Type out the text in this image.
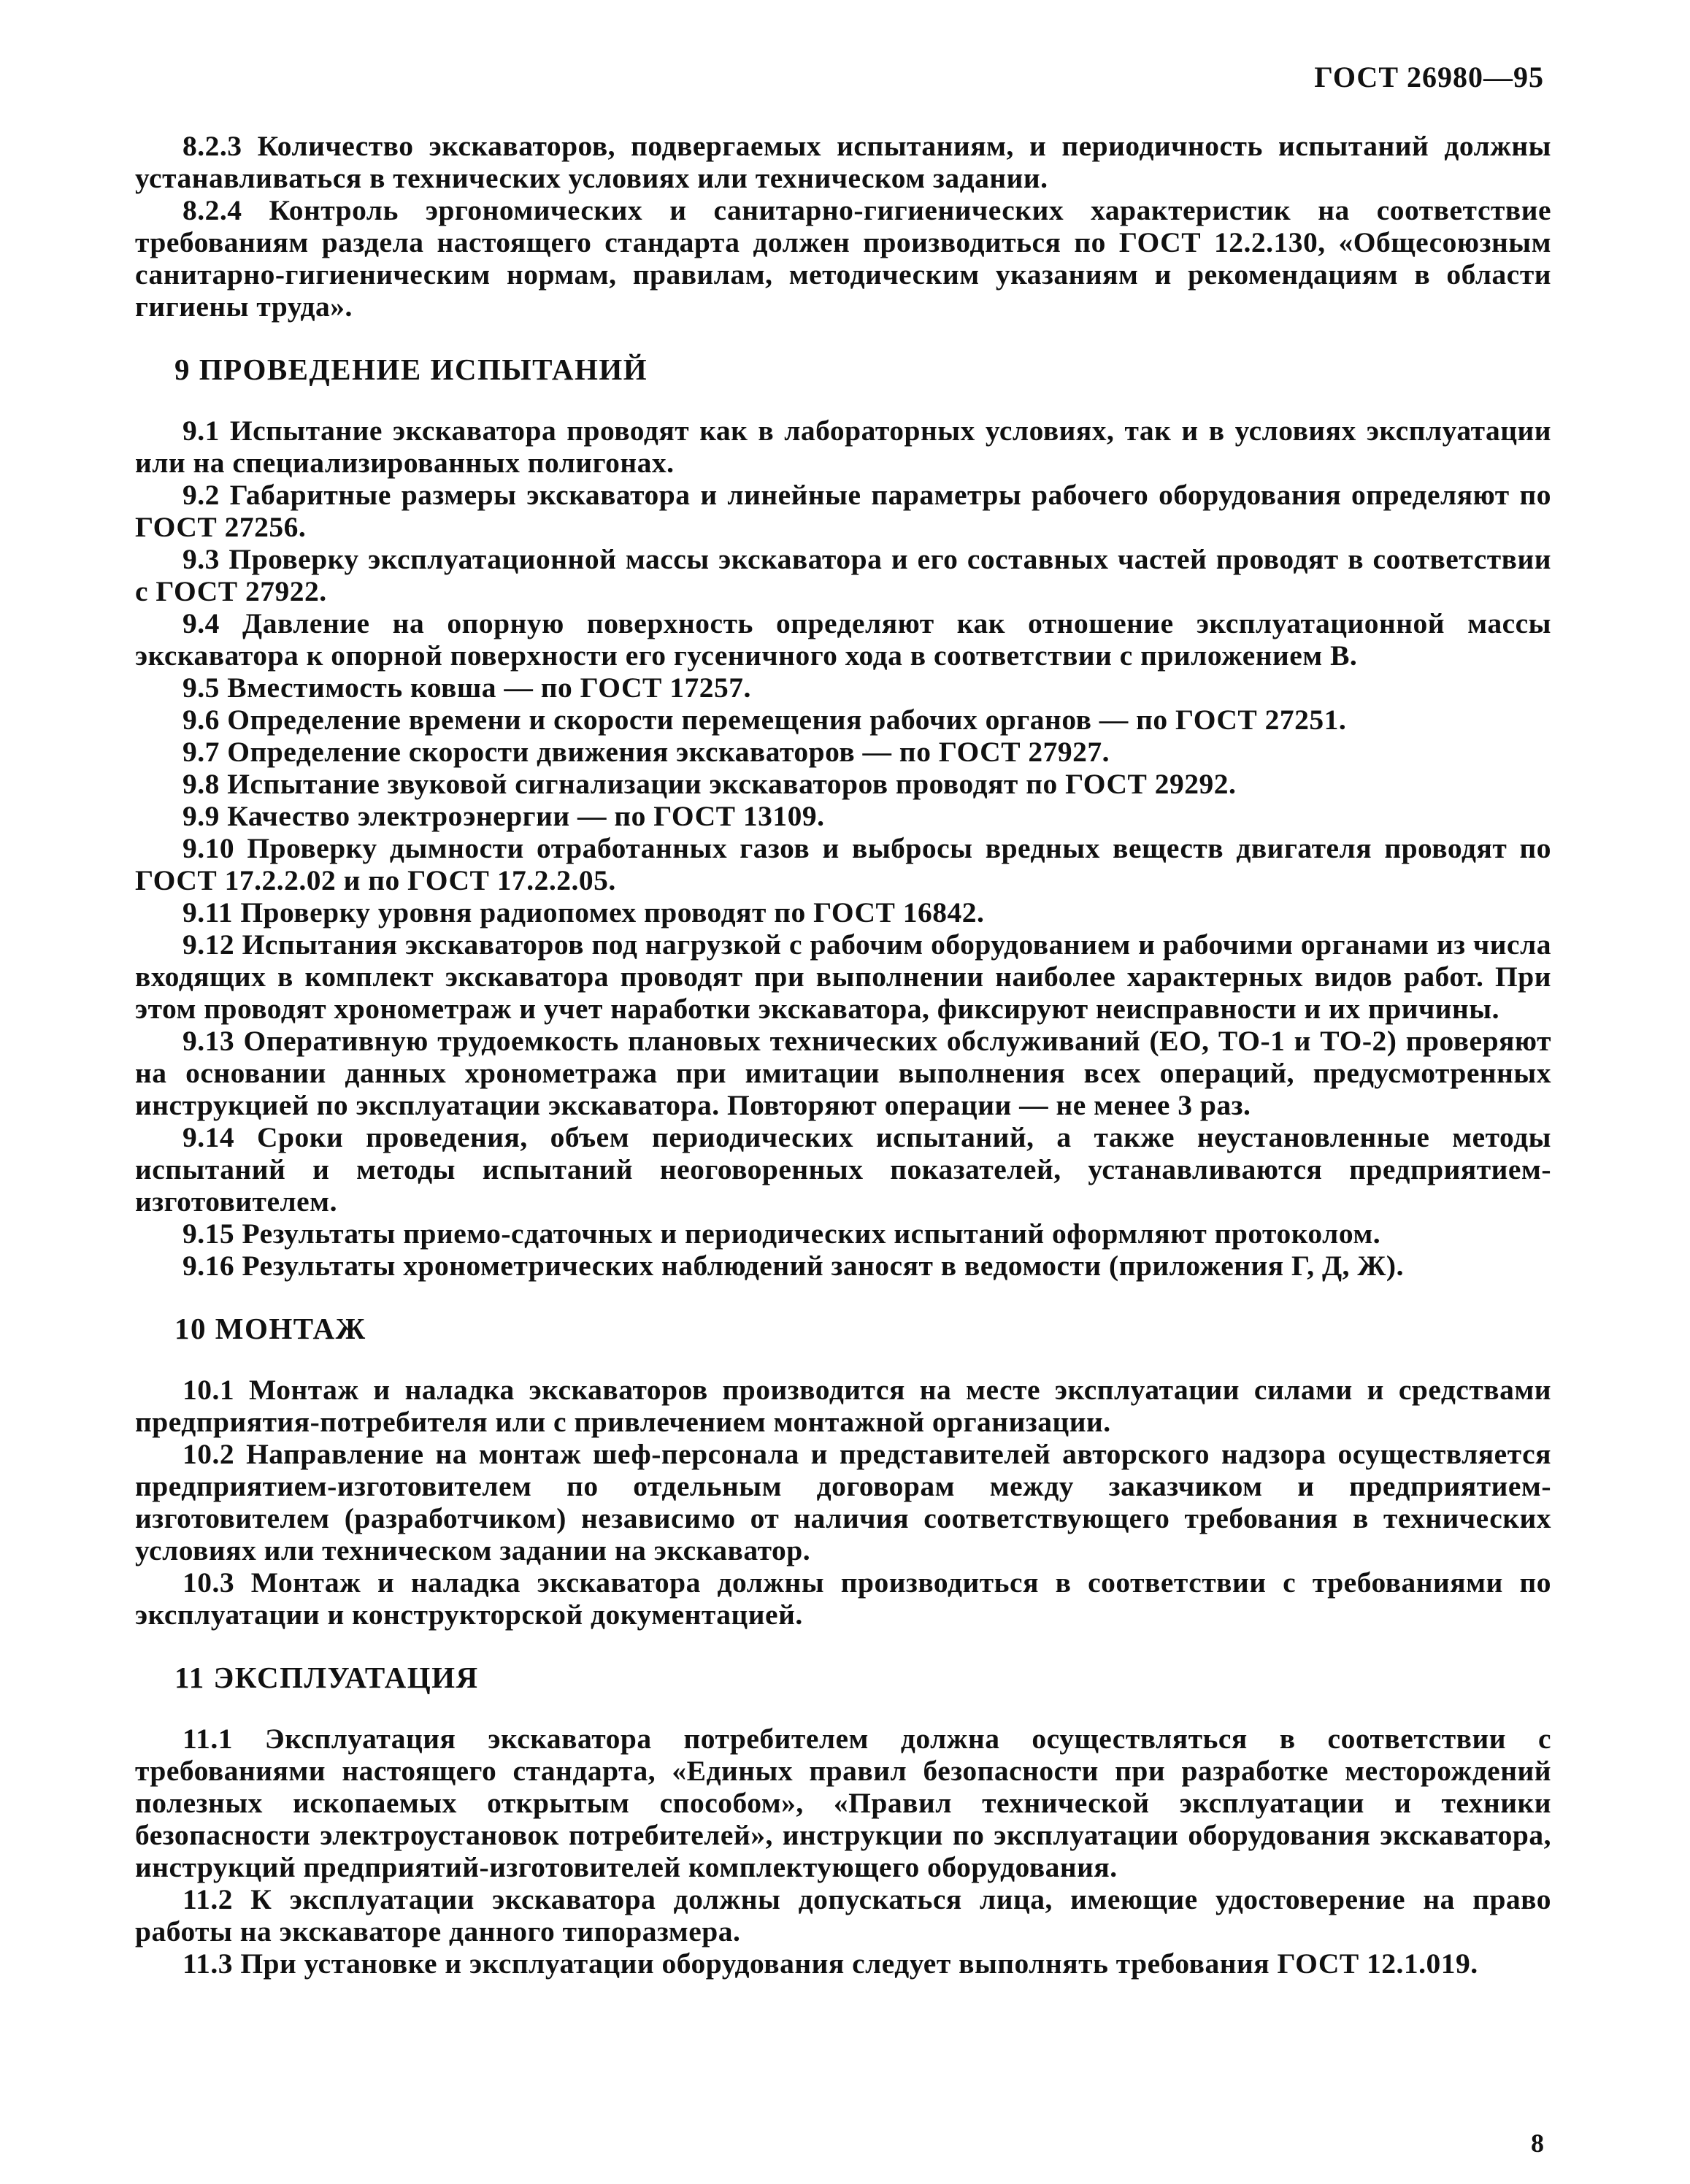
ГОСТ 26980—95

8.2.3 Количество экскаваторов, подвергаемых испытаниям, и периодичность испытаний должны устанавливаться в технических условиях или техническом задании.

8.2.4 Контроль эргономических и санитарно-гигиенических характеристик на соответствие требованиям раздела настоящего стандарта должен производиться по ГОСТ 12.2.130, «Общесоюзным санитарно-гигиеническим нормам, правилам, методическим указаниям и рекомендациям в области гигиены труда».

9 ПРОВЕДЕНИЕ ИСПЫТАНИЙ

9.1 Испытание экскаватора проводят как в лабораторных условиях, так и в условиях эксплуатации или на специализированных полигонах.

9.2 Габаритные размеры экскаватора и линейные параметры рабочего оборудования определяют по ГОСТ 27256.

9.3 Проверку эксплуатационной массы экскаватора и его составных частей проводят в соответствии с ГОСТ 27922.

9.4 Давление на опорную поверхность определяют как отношение эксплуатационной массы экскаватора к опорной поверхности его гусеничного хода в соответствии с приложением В.

9.5 Вместимость ковша — по ГОСТ 17257.

9.6 Определение времени и скорости перемещения рабочих органов — по ГОСТ 27251.

9.7 Определение скорости движения экскаваторов — по ГОСТ 27927.

9.8 Испытание звуковой сигнализации экскаваторов проводят по ГОСТ 29292.

9.9 Качество электроэнергии — по ГОСТ 13109.

9.10 Проверку дымности отработанных газов и выбросы вредных веществ двигателя проводят по ГОСТ 17.2.2.02 и по ГОСТ 17.2.2.05.

9.11 Проверку уровня радиопомех проводят по ГОСТ 16842.

9.12 Испытания экскаваторов под нагрузкой с рабочим оборудованием и рабочими органами из числа входящих в комплект экскаватора проводят при выполнении наиболее характерных видов работ. При этом проводят хронометраж и учет наработки экскаватора, фиксируют неисправности и их причины.

9.13 Оперативную трудоемкость плановых технических обслуживаний (ЕО, ТО-1 и ТО-2) проверяют на основании данных хронометража при имитации выполнения всех операций, предусмотренных инструкцией по эксплуатации экскаватора. Повторяют операции — не менее 3 раз.

9.14 Сроки проведения, объем периодических испытаний, а также неустановленные методы испытаний и методы испытаний неоговоренных показателей, устанавливаются предприятием-изготовителем.

9.15 Результаты приемо-сдаточных и периодических испытаний оформляют протоколом.

9.16 Результаты хронометрических наблюдений заносят в ведомости (приложения Г, Д, Ж).

10 МОНТАЖ

10.1 Монтаж и наладка экскаваторов производится на месте эксплуатации силами и средствами предприятия-потребителя или с привлечением монтажной организации.

10.2 Направление на монтаж шеф-персонала и представителей авторского надзора осуществляется предприятием-изготовителем по отдельным договорам между заказчиком и предприятием-изготовителем (разработчиком) независимо от наличия соответствующего требования в технических условиях или техническом задании на экскаватор.

10.3 Монтаж и наладка экскаватора должны производиться в соответствии с требованиями по эксплуатации и конструкторской документацией.

11 ЭКСПЛУАТАЦИЯ

11.1 Эксплуатация экскаватора потребителем должна осуществляться в соответствии с требованиями настоящего стандарта, «Единых правил безопасности при разработке месторождений полезных ископаемых открытым способом», «Правил технической эксплуатации и техники безопасности электроустановок потребителей», инструкции по эксплуатации оборудования экскаватора, инструкций предприятий-изготовителей комплектующего оборудования.

11.2 К эксплуатации экскаватора должны допускаться лица, имеющие удостоверение на право работы на экскаваторе данного типоразмера.

11.3 При установке и эксплуатации оборудования следует выполнять требования ГОСТ 12.1.019.

8
